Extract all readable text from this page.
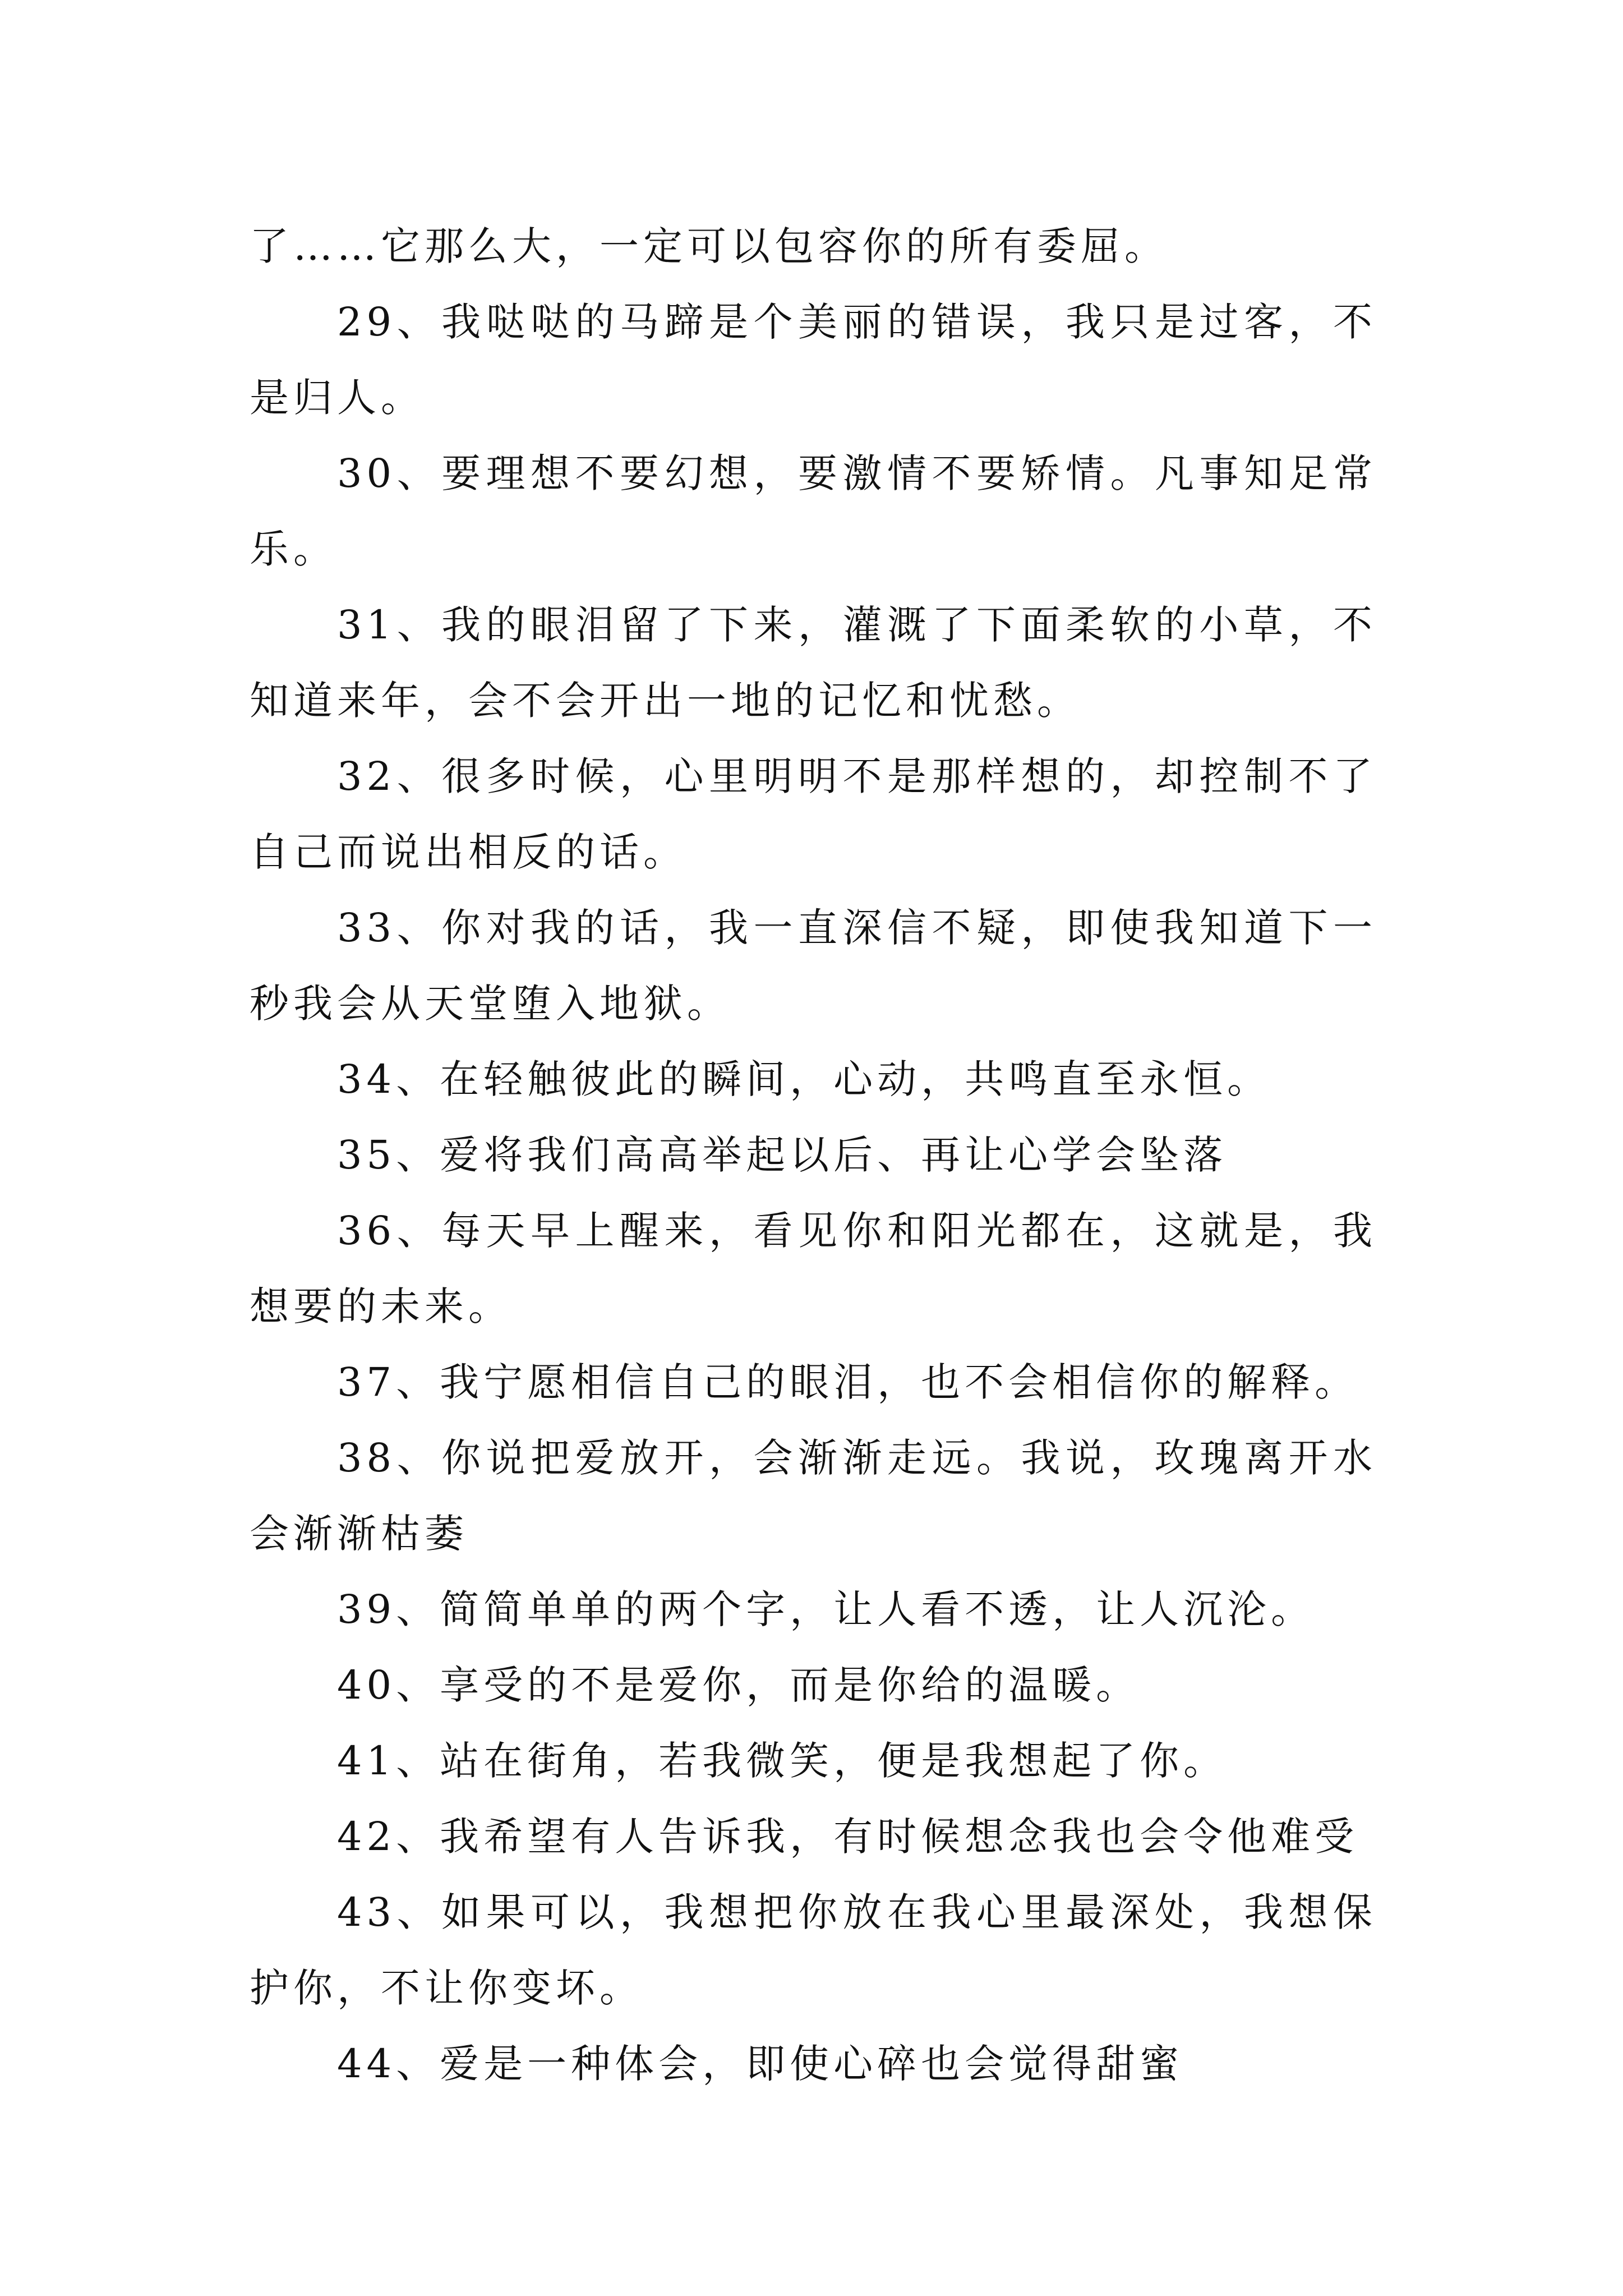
了……它那么大，一定可以包容你的所有委屈。

29、我哒哒的马蹄是个美丽的错误，我只是过客，不是归人。

30、要理想不要幻想，要激情不要矫情。凡事知足常乐。

31、我的眼泪留了下来，灌溉了下面柔软的小草，不知道来年，会不会开出一地的记忆和忧愁。

32、很多时候，心里明明不是那样想的，却控制不了自己而说出相反的话。

33、你对我的话，我一直深信不疑，即使我知道下一秒我会从天堂堕入地狱。

34、在轻触彼此的瞬间，心动，共鸣直至永恒。

35、爱将我们高高举起以后、再让心学会坠落

36、每天早上醒来，看见你和阳光都在，这就是，我想要的未来。

37、我宁愿相信自己的眼泪，也不会相信你的解释。

38、你说把爱放开，会渐渐走远。我说，玫瑰离开水会渐渐枯萎

39、简简单单的两个字，让人看不透，让人沉沦。

40、享受的不是爱你，而是你给的温暖。

41、站在街角，若我微笑，便是我想起了你。

42、我希望有人告诉我，有时候想念我也会令他难受

43、如果可以，我想把你放在我心里最深处，我想保护你，不让你变坏。

44、爱是一种体会，即使心碎也会觉得甜蜜
